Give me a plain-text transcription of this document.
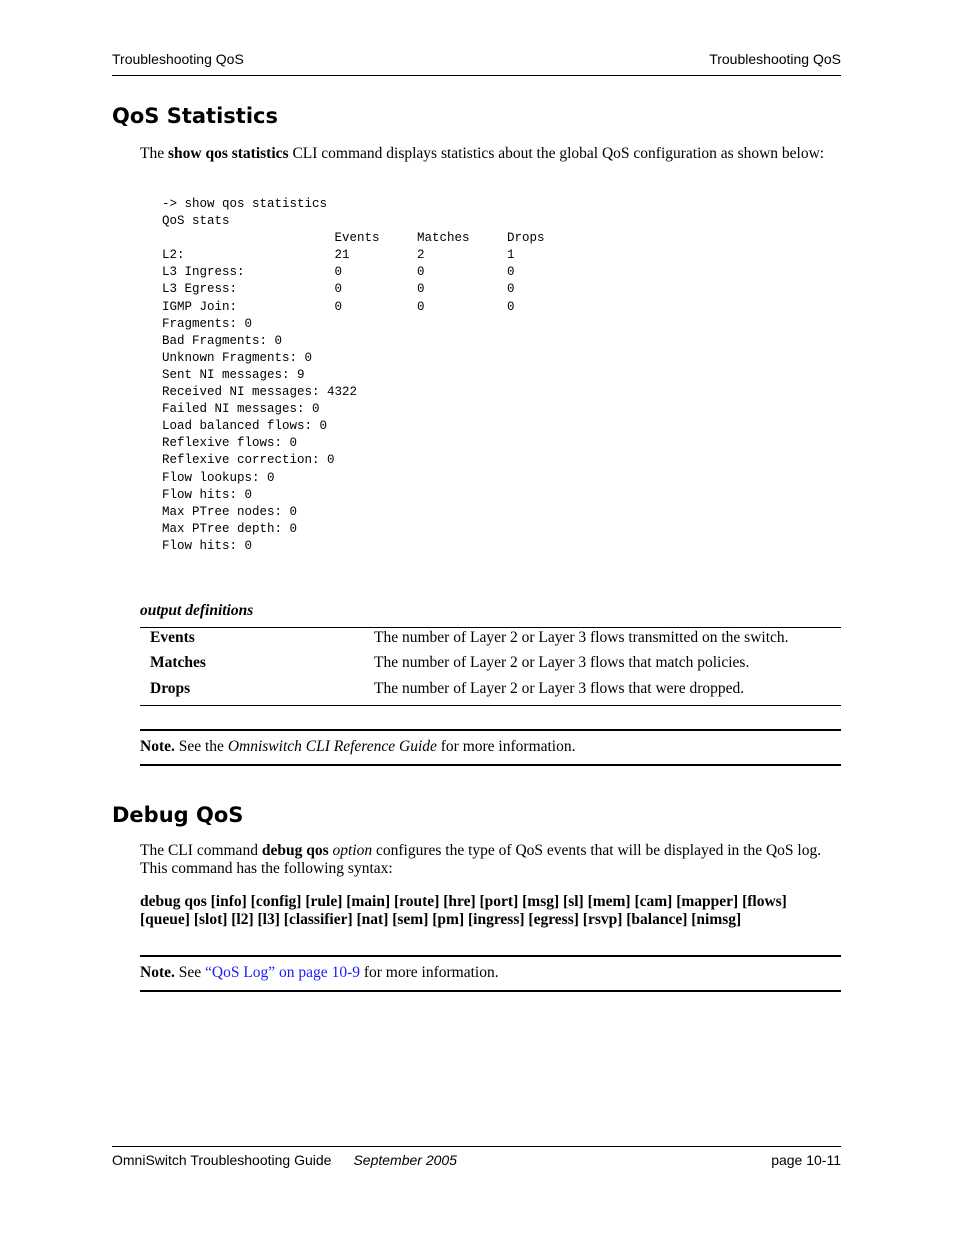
Troubleshooting QoS	Troubleshooting QoS
QoS Statistics

The show qos statistics CLI command displays statistics about the global QoS configuration as shown below:

-> show qos statistics
QoS stats
Events     Matches     Drops
L2:                    21         2           1
L3 Ingress:            0          0           0
L3 Egress:             0          0           0
IGMP Join:             0          0           0
Fragments: 0
Bad Fragments: 0
Unknown Fragments: 0
Sent NI messages: 9
Received NI messages: 4322
Failed NI messages: 0
Load balanced flows: 0
Reflexive flows: 0
Reflexive correction: 0
Flow lookups: 0
Flow hits: 0
Max PTree nodes: 0
Max PTree depth: 0
Flow hits: 0
output definitions
Events	The number of Layer 2 or Layer 3 flows transmitted on the switch.
Matches	The number of Layer 2 or Layer 3 flows that match policies.
Drops	The number of Layer 2 or Layer 3 flows that were dropped.
Note. See the Omniswitch CLI Reference Guide for more information.
Debug QoS

The CLI command debug qos option configures the type of QoS events that will be displayed in the QoS log. This command has the following syntax:

debug qos [info] [config] [rule] [main] [route] [hre] [port] [msg] [sl] [mem] [cam] [mapper] [flows] [queue] [slot] [l2] [l3] [classifier] [nat] [sem] [pm] [ingress] [egress] [rsvp] [balance] [nimsg]

Note. See “QoS Log” on page 10-9 for more information.
OmniSwitch Troubleshooting Guide September 2005	page 10-11
